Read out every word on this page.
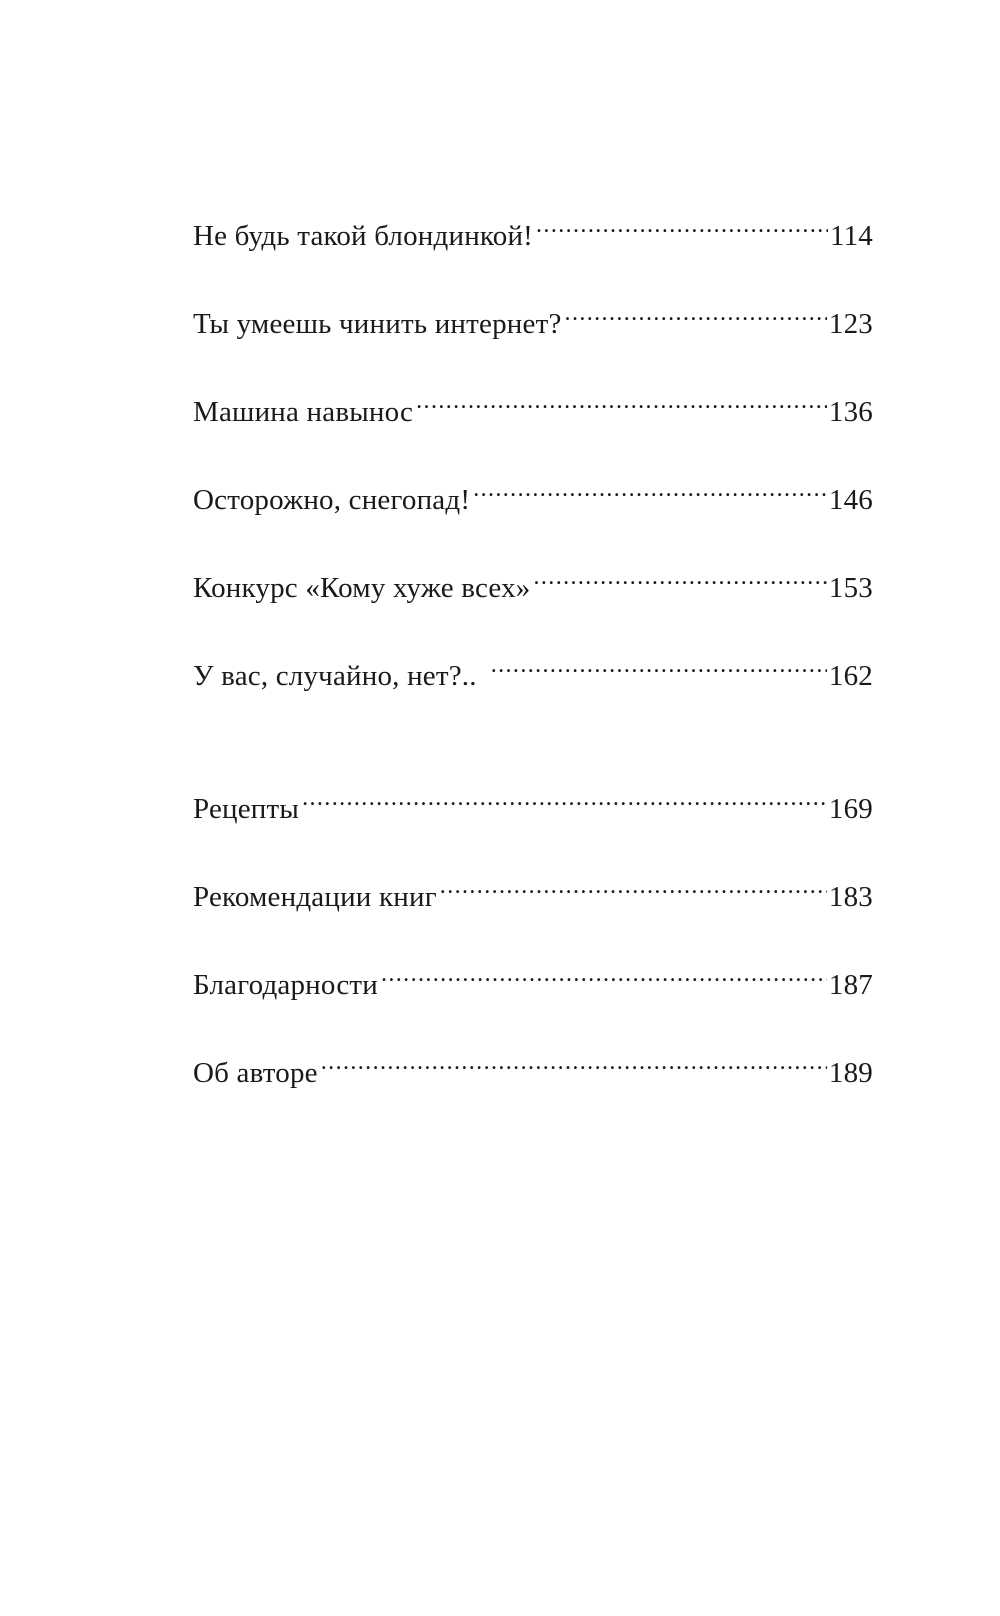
Не будь такой блондинкой! .....	114
Ты умеешь чинить интернет? .....	123
Машина навынос .....	136
Осторожно, снегопад! .....	146
Конкурс «Кому хуже всех» .....	153
У вас, случайно, нет?.. .....	162
Рецепты .....	169
Рекомендации книг .....	183
Благодарности .....	187
Об авторе .....	189
